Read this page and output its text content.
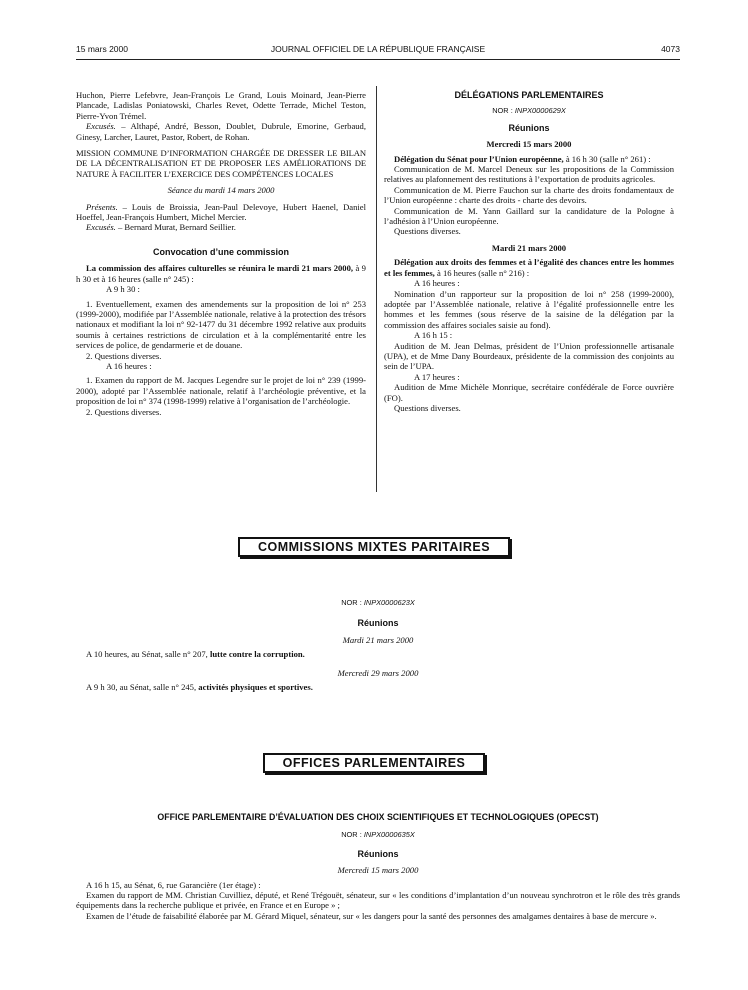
15 mars 2000	JOURNAL OFFICIEL DE LA RÉPUBLIQUE FRANÇAISE	4073

Huchon, Pierre Lefebvre, Jean-François Le Grand, Louis Moinard, Jean-Pierre Plancade, Ladislas Poniatowski, Charles Revet, Odette Terrade, Michel Teston, Pierre-Yvon Trémel.

Excusés. – Althapé, André, Besson, Doublet, Dubrule, Emorine, Gerbaud, Ginesy, Larcher, Lauret, Pastor, Robert, de Rohan.

MISSION COMMUNE D’INFORMATION CHARGÉE DE DRESSER LE BILAN DE LA DÉCENTRALISATION ET DE PROPOSER LES AMÉLIORATIONS DE NATURE À FACILITER L’EXERCICE DES COMPÉTENCES LOCALES

Séance du mardi 14 mars 2000

Présents. – Louis de Broissia, Jean-Paul Delevoye, Hubert Haenel, Daniel Hoeffel, Jean-François Humbert, Michel Mercier.

Excusés. – Bernard Murat, Bernard Seillier.

Convocation d’une commission

La commission des affaires culturelles se réunira le mardi 21 mars 2000, à 9 h 30 et à 16 heures (salle n° 245) :

A 9 h 30 :

1. Eventuellement, examen des amendements sur la proposition de loi n° 253 (1999-2000), modifiée par l’Assemblée nationale, relative à la protection des trésors nationaux et modifiant la loi n° 92-1477 du 31 décembre 1992 relative aux produits soumis à certaines restrictions de circulation et à la complémentarité entre les services de police, de gendarmerie et de douane.

2. Questions diverses.

A 16 heures :

1. Examen du rapport de M. Jacques Legendre sur le projet de loi n° 239 (1999-2000), adopté par l’Assemblée nationale, relatif à l’archéologie préventive, et la proposition de loi n° 374 (1998-1999) relative à l’organisation de l’archéologie.

2. Questions diverses.

DÉLÉGATIONS PARLEMENTAIRES
NOR : INPX0000629X
Réunions
Mercredi 15 mars 2000

Délégation du Sénat pour l’Union européenne, à 16 h 30 (salle n° 261) :

Communication de M. Marcel Deneux sur les propositions de la Commission relatives au plafonnement des restitutions à l’exportation de produits agricoles.

Communication de M. Pierre Fauchon sur la charte des droits fondamentaux de l’Union européenne : charte des droits - charte des devoirs.

Communication de M. Yann Gaillard sur la candidature de la Pologne à l’adhésion à l’Union européenne.

Questions diverses.

Mardi 21 mars 2000

Délégation aux droits des femmes et à l’égalité des chances entre les hommes et les femmes, à 16 heures (salle n° 216) :

A 16 heures :

Nomination d’un rapporteur sur la proposition de loi n° 258 (1999-2000), adoptée par l’Assemblée nationale, relative à l’égalité professionnelle entre les hommes et les femmes (sous réserve de la saisine de la délégation par la commission des affaires sociales saisie au fond).

A 16 h 15 :

Audition de M. Jean Delmas, président de l’Union professionnelle artisanale (UPA), et de Mme Dany Bourdeaux, présidente de la commission des conjoints au sein de l’UPA.

A 17 heures :

Audition de Mme Michèle Monrique, secrétaire confédérale de Force ouvrière (FO).

Questions diverses.

COMMISSIONS MIXTES PARITAIRES
NOR : INPX0000623X
Réunions
Mardi 21 mars 2000

A 10 heures, au Sénat, salle n° 207, lutte contre la corruption.

Mercredi 29 mars 2000

A 9 h 30, au Sénat, salle n° 245, activités physiques et sportives.

OFFICES PARLEMENTAIRES
OFFICE PARLEMENTAIRE D’ÉVALUATION DES CHOIX SCIENTIFIQUES ET TECHNOLOGIQUES (OPECST)
NOR : INPX0000635X
Réunions
Mercredi 15 mars 2000

A 16 h 15, au Sénat, 6, rue Garancière (1er étage) :

Examen du rapport de MM. Christian Cuvilliez, député, et René Trégouët, sénateur, sur « les conditions d’implantation d’un nouveau synchrotron et le rôle des très grands équipements dans la recherche publique et privée, en France et en Europe » ;

Examen de l’étude de faisabilité élaborée par M. Gérard Miquel, sénateur, sur « les dangers pour la santé des personnes des amalgames dentaires à base de mercure ».
